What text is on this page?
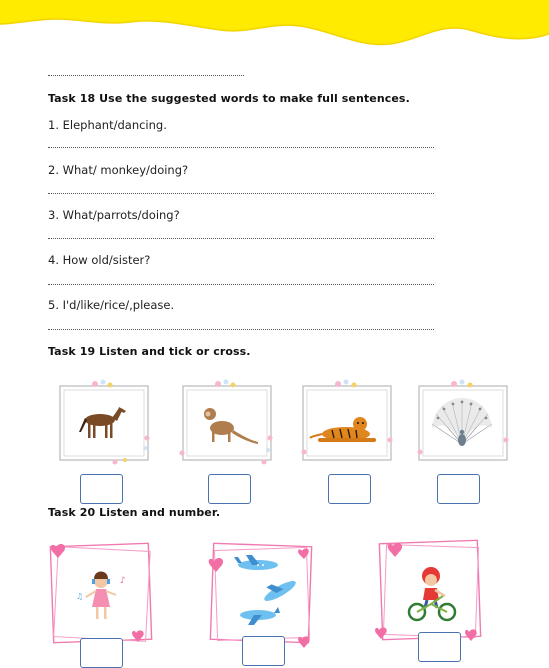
Task 18 Use the suggested words to make full sentences.
1. Elephant/dancing.
2. What/ monkey/doing?
3. What/parrots/doing?
4. How old/sister?
5. I'd/like/rice/,please.
Task 19 Listen and tick or cross.
Task 20 Listen and number.
♪
♫
